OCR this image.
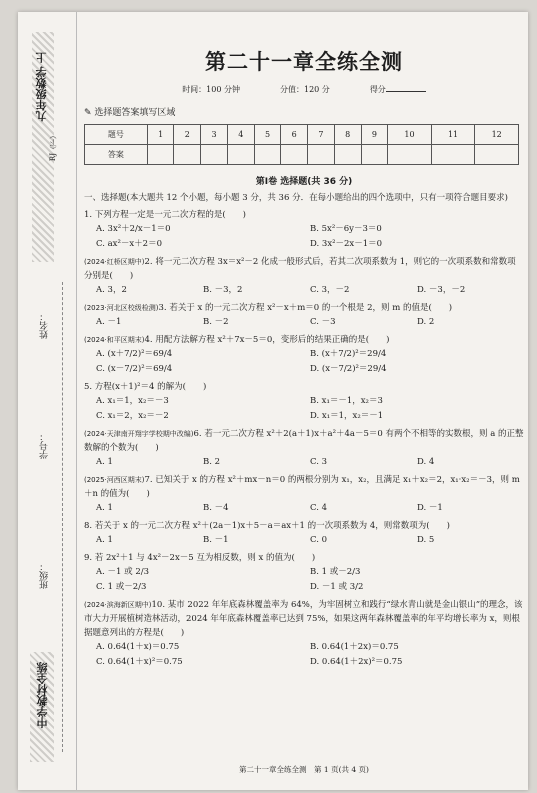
九年级数学 上
RJ（下）
姓名：
学号：
班级：
中学教材全练
第二十一章全练全测
时间：100 分钟	分值：120 分	得分
✎ 选择题答案填写区域
题号	1	2	3	4	5	6	7	8	9	10	11	12
答案												
第Ⅰ卷 选择题(共 36 分)
一、选择题(本大题共 12 个小题，每小题 3 分，共 36 分．在每小题给出的四个选项中，只有一项符合题目要求)
1. 下列方程一定是一元二次方程的是(　　)
A. 3x²＋2/x－1＝0	B. 5x²－6y－3＝0
C. ax²－x＋2＝0	D. 3x²－2x－1＝0
(2024·红桥区期中)2. 将一元二次方程 3x＝x²－2 化成一般形式后，若其二次项系数为 1，则它的一次项系数和常数项分别是(　　)
A. 3，2	B. －3，2	C. 3，－2	D. －3，－2
(2023·河北区校级检测)3. 若关于 x 的一元二次方程 x²－x＋m＝0 的一个根是 2，则 m 的值是(　　)
A. －1	B. －2	C. －3	D. 2
(2024·和平区期末)4. 用配方法解方程 x²＋7x－5＝0，变形后的结果正确的是(　　)
A. (x＋7/2)²＝69/4	B. (x＋7/2)²＝29/4
C. (x－7/2)²＝69/4	D. (x－7/2)²＝29/4
5. 方程(x＋1)²＝4 的解为(　　)
A. x₁＝1，x₂＝－3	B. x₁＝－1，x₂＝3
C. x₁＝2，x₂＝－2	D. x₁＝1，x₂＝－1
(2024·天津南开翔宇学校期中改编)6. 若一元二次方程 x²＋2(a＋1)x＋a²＋4a－5＝0 有两个不相等的实数根，则 a 的正整数解的个数为(　　)
A. 1	B. 2	C. 3	D. 4
(2025·河西区期末)7. 已知关于 x 的方程 x²＋mx－n＝0 的两根分别为 x₁，x₂，且满足 x₁＋x₂＝2，x₁·x₂＝－3，则 m＋n 的值为(　　)
A. 1	B. －4	C. 4	D. －1
8. 若关于 x 的一元二次方程 x²＋(2a－1)x＋5－a＝ax＋1 的一次项系数为 4，则常数项为(　　)
A. 1	B. －1	C. 0	D. 5
9. 若 2x²＋1 与 4x²－2x－5 互为相反数，则 x 的值为(　　)
A. －1 或 2/3	B. 1 或－2/3
C. 1 或－2/3	D. －1 或 3/2
(2024·滨海新区期中)10. 某市 2022 年年底森林覆盖率为 64%，为牢固树立和践行“绿水青山就是金山银山”的理念，该市大力开展植树造林活动，2024 年年底森林覆盖率已达到 75%，如果这两年森林覆盖率的年平均增长率为 x，则根据题意列出的方程是(　　)
A. 0.64(1＋x)＝0.75	B. 0.64(1＋2x)＝0.75
C. 0.64(1＋x)²＝0.75	D. 0.64(1＋2x)²＝0.75
第二十一章全练全测　第 1 页(共 4 页)
